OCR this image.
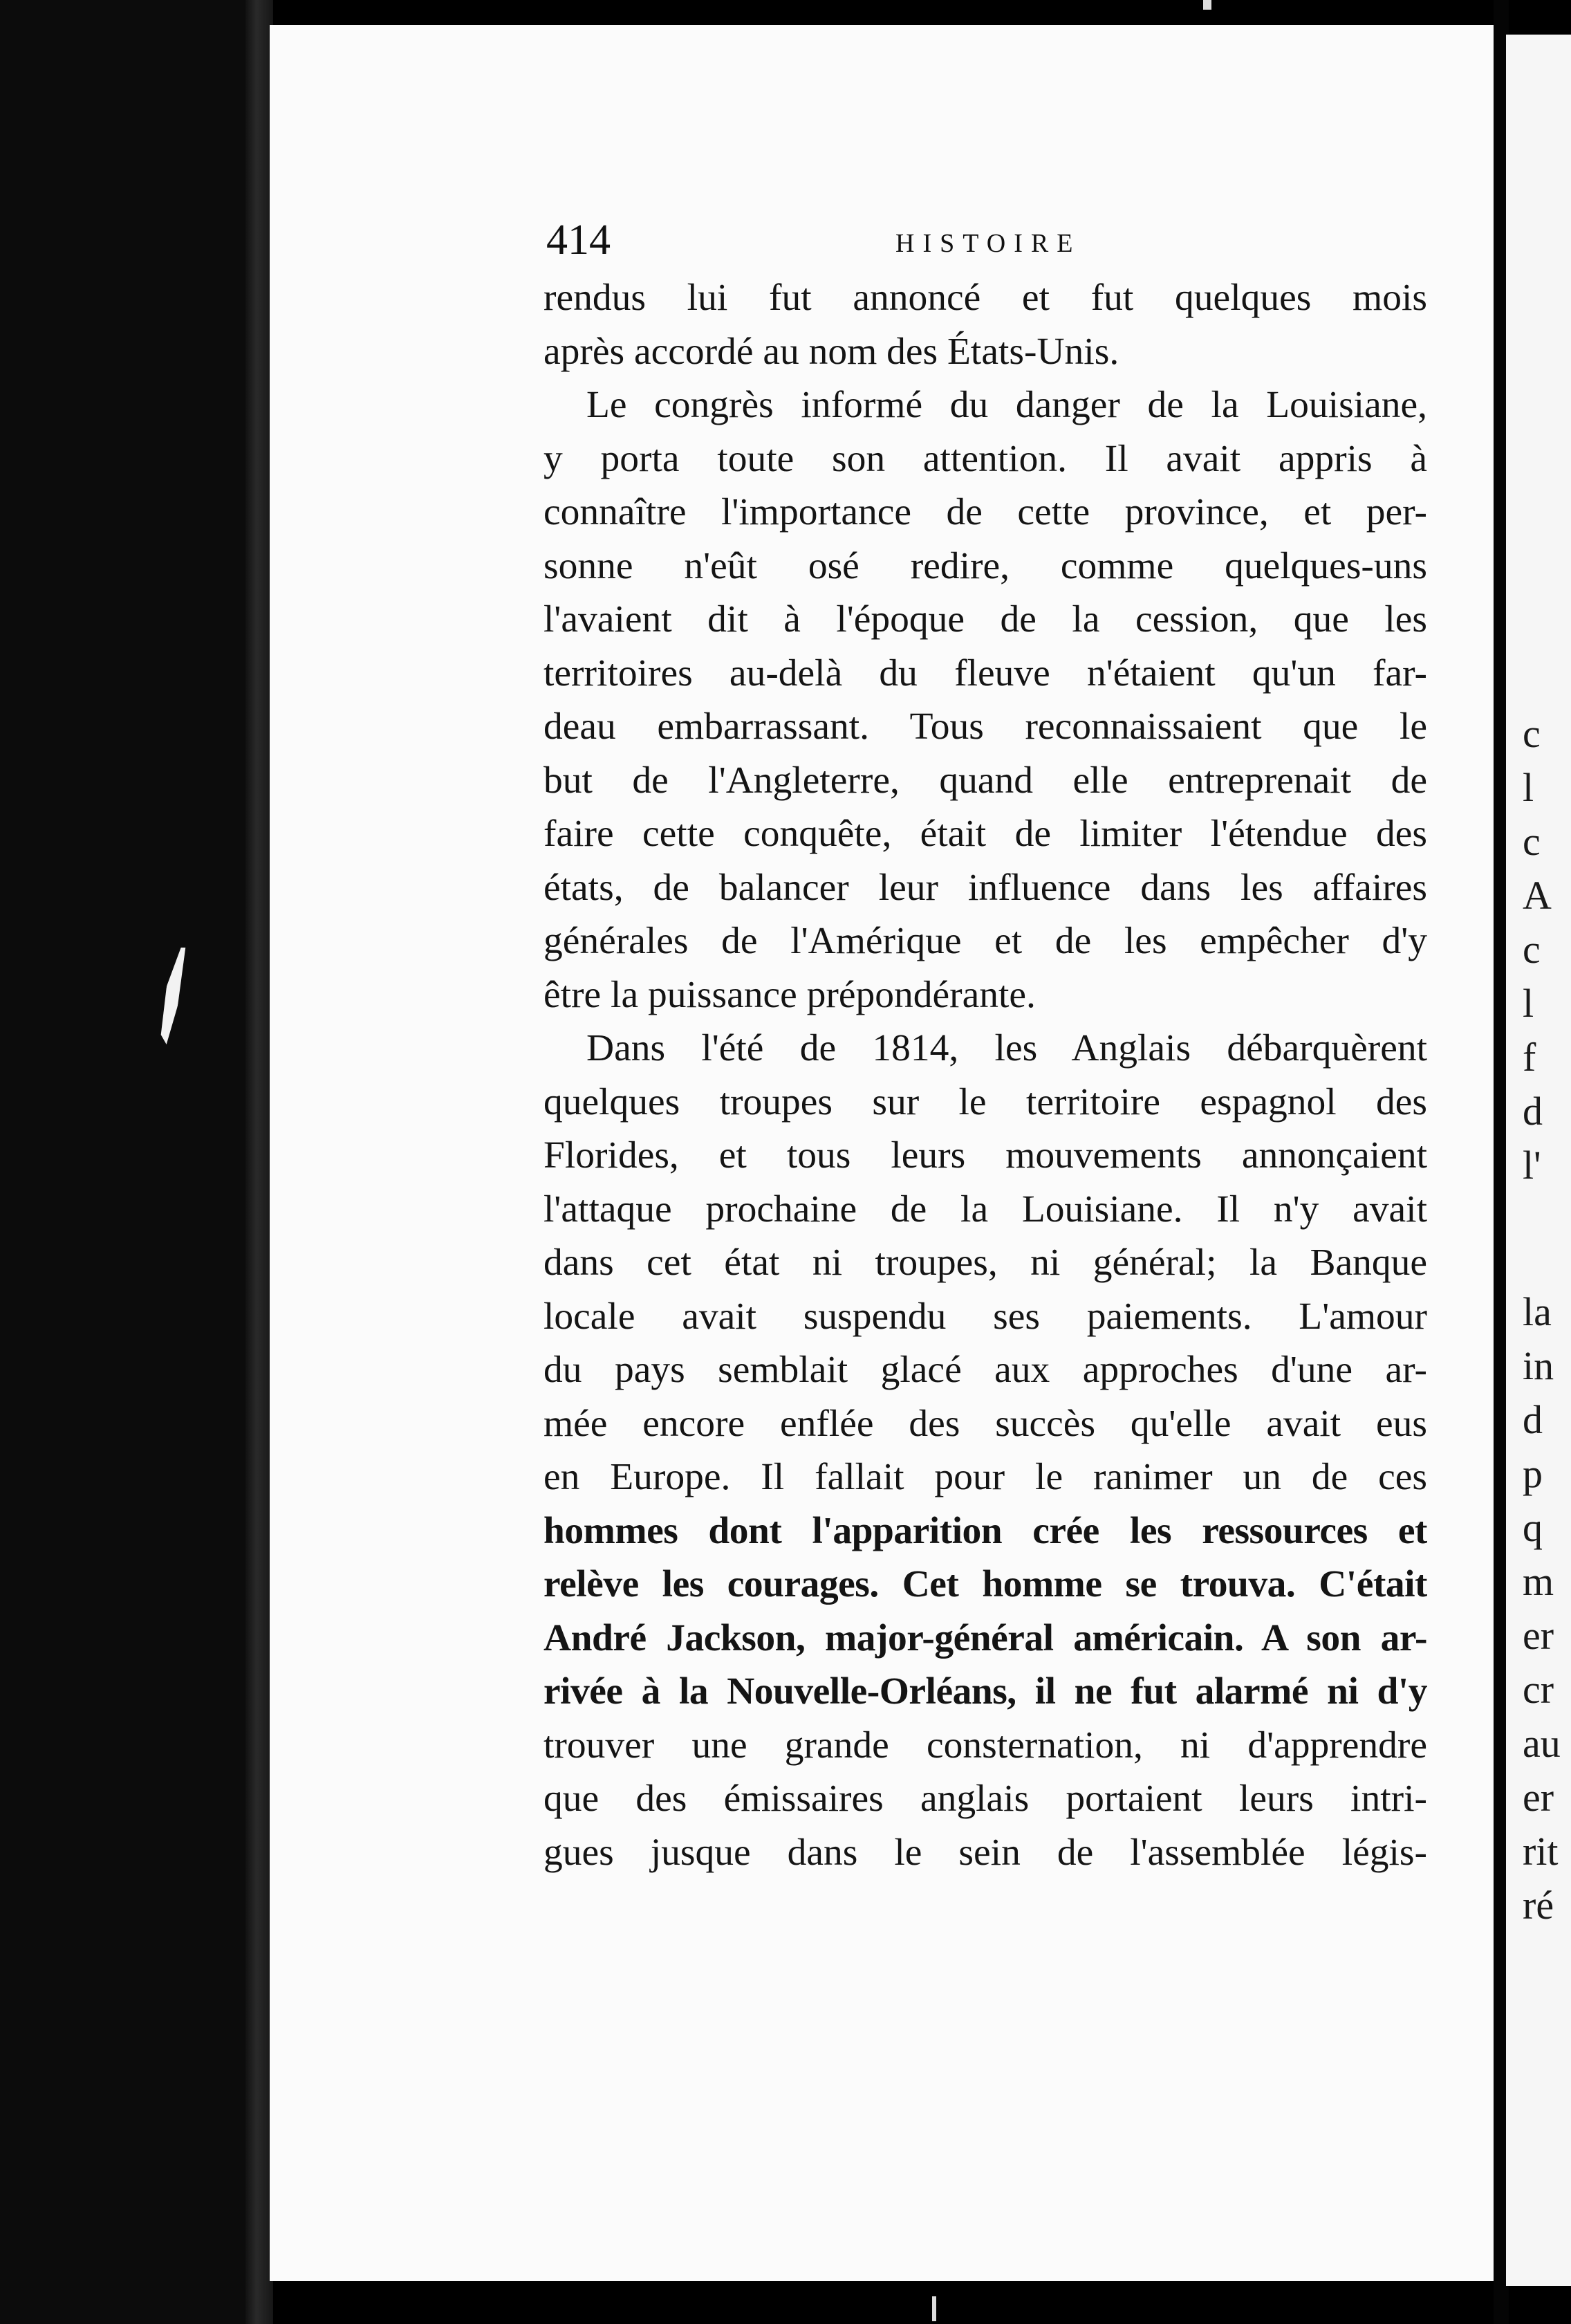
c
l
c
A
c
l
f
d
l'
la
in
d
p
q
m
er
cr
au
er
rit
ré
414	HISTOIRE
rendus lui fut annoncé et fut quelques mois
après accordé au nom des États-Unis.
Le congrès informé du danger de la Louisiane,
y porta toute son attention. Il avait appris à
connaître l'importance de cette province, et per-
sonne n'eût osé redire, comme quelques-uns
l'avaient dit à l'époque de la cession, que les
territoires au-delà du fleuve n'étaient qu'un far-
deau embarrassant. Tous reconnaissaient que le
but de l'Angleterre, quand elle entreprenait de
faire cette conquête, était de limiter l'étendue des
états, de balancer leur influence dans les affaires
générales de l'Amérique et de les empêcher d'y
être la puissance prépondérante.
Dans l'été de 1814, les Anglais débarquèrent
quelques troupes sur le territoire espagnol des
Florides, et tous leurs mouvements annonçaient
l'attaque prochaine de la Louisiane. Il n'y avait
dans cet état ni troupes, ni général; la Banque
locale avait suspendu ses paiements. L'amour
du pays semblait glacé aux approches d'une ar-
mée encore enflée des succès qu'elle avait eus
en Europe. Il fallait pour le ranimer un de ces
hommes dont l'apparition crée les ressources et
relève les courages. Cet homme se trouva. C'était
André Jackson, major-général américain. A son ar-
rivée à la Nouvelle-Orléans, il ne fut alarmé ni d'y
trouver une grande consternation, ni d'apprendre
que des émissaires anglais portaient leurs intri-
gues jusque dans le sein de l'assemblée légis-
